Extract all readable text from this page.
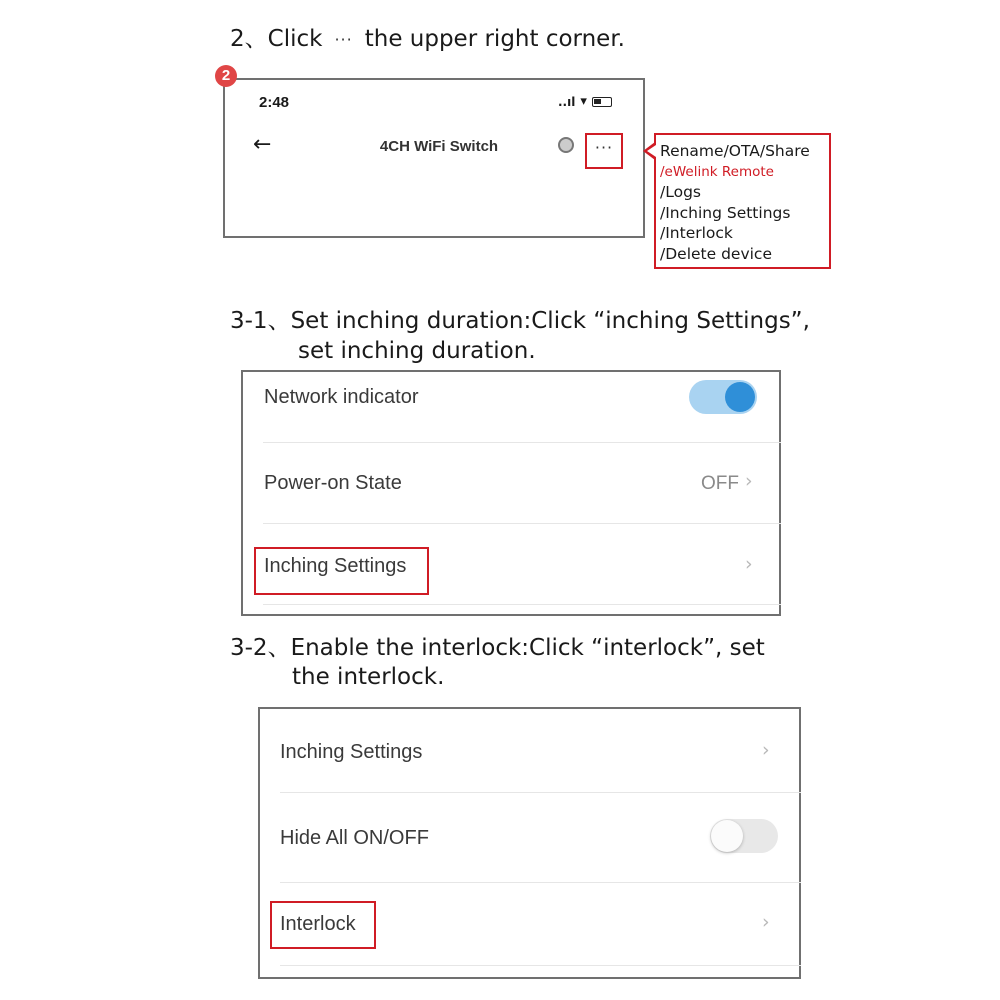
2、Click ··· the upper right corner.
2:48	..ıl ▾
←	4CH WiFi Switch	···
2
Rename/OTA/Share
/eWelink Remote
/Logs
/Inching Settings
/Interlock
/Delete device
3-1、Set inching duration:Click “inching Settings”,
set inching duration.
Network indicator
Power-on State	OFF ›
Inching Settings	›
3-2、Enable the interlock:Click “interlock”, set
the interlock.
Inching Settings	›
Hide All ON/OFF
Interlock	›
